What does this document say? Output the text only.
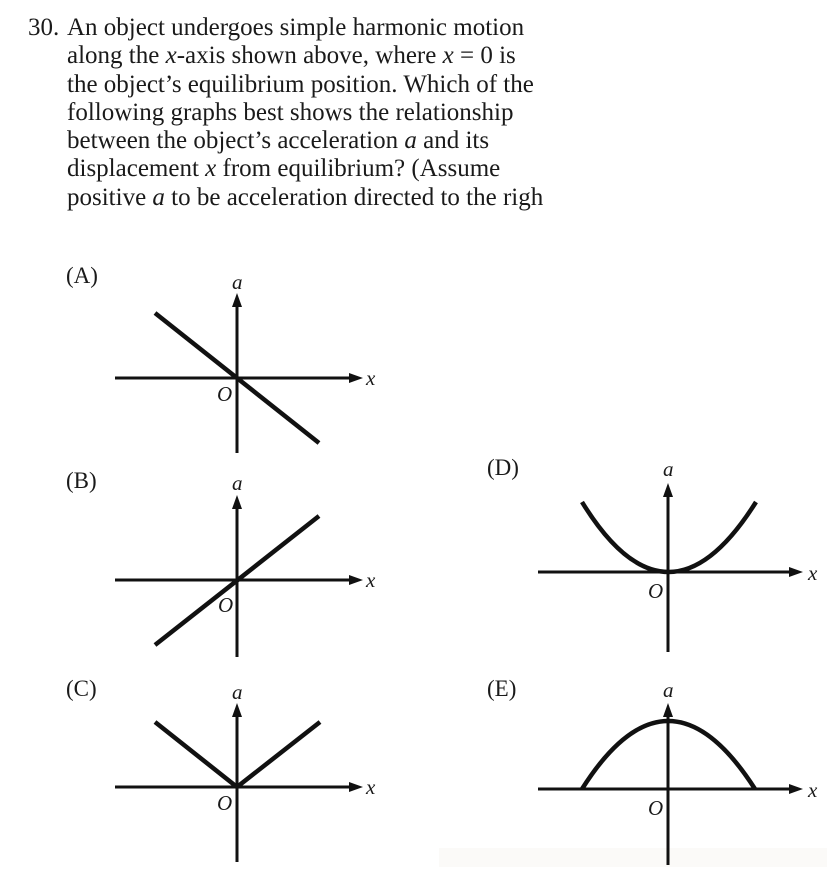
30. An object undergoes simple harmonic motion
along the x-axis shown above, where x = 0 is
the object’s equilibrium position. Which of the
following graphs best shows the relationship
between the object’s acceleration a and its
displacement x from equilibrium? (Assume
positive a to be acceleration directed to the righ
(A)
(B)
(C)
(D)
(E)
a
x
O
a
x
O
a
x
O
a
x
O
a
x
O
